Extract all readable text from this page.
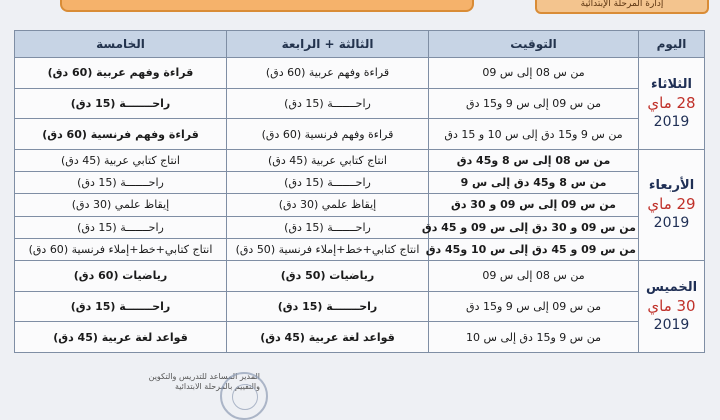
إدارة المرحلة الإبتدائية
اليوم	التوقيت	الثالثة + الرابعة	الخامسة

الثلاثاء
28 ماي
2019	من س 08 إلى س 09	قراءة وفهم عربية (60 دق)	قراءة وفهم عربية (60 دق)
	من س 09 إلى س 9 و15 دق	راحـــــــة (15 دق)	راحـــــــة (15 دق)
	من س 9 و15 دق إلى س 10 و 15 دق	قراءة وفهم فرنسية (60 دق)	قراءة وفهم فرنسية (60 دق)

الأربعاء
29 ماي
2019	من س 08 إلى س 8 و45 دق	انتاج كتابي عربية (45 دق)	انتاج كتابي عربية (45 دق)
	من س 8 و45 دق إلى س 9	راحـــــــة (15 دق)	راحـــــــة (15 دق)
	من س 09 إلى س 09 و 30 دق	إيقاظ علمي (30 دق)	إيقاظ علمي (30 دق)
	من س 09 و 30 دق إلى س 09 و 45 دق	راحـــــــة (15 دق)	راحـــــــة (15 دق)
	من س 09 و 45 دق إلى س 10 و45 دق	انتاج كتابي+خط+إملاء فرنسية (50 دق)	انتاج كتابي+خط+إملاء فرنسية (60 دق)

الخميس
30 ماي
2019	من س 08 إلى س 09	رياضيات (50 دق)	رياضيات (60 دق)
	من س 09 إلى س 9 و15 دق	راحـــــــة (15 دق)	راحـــــــة (15 دق)
	من س 9 و15 دق إلى س 10	قواعد لغة عربية (45 دق)	قواعد لغة عربية (45 دق)
المدير المساعد للتدريس والتكوين
والتقييم بالمرحلة الابتدائية
